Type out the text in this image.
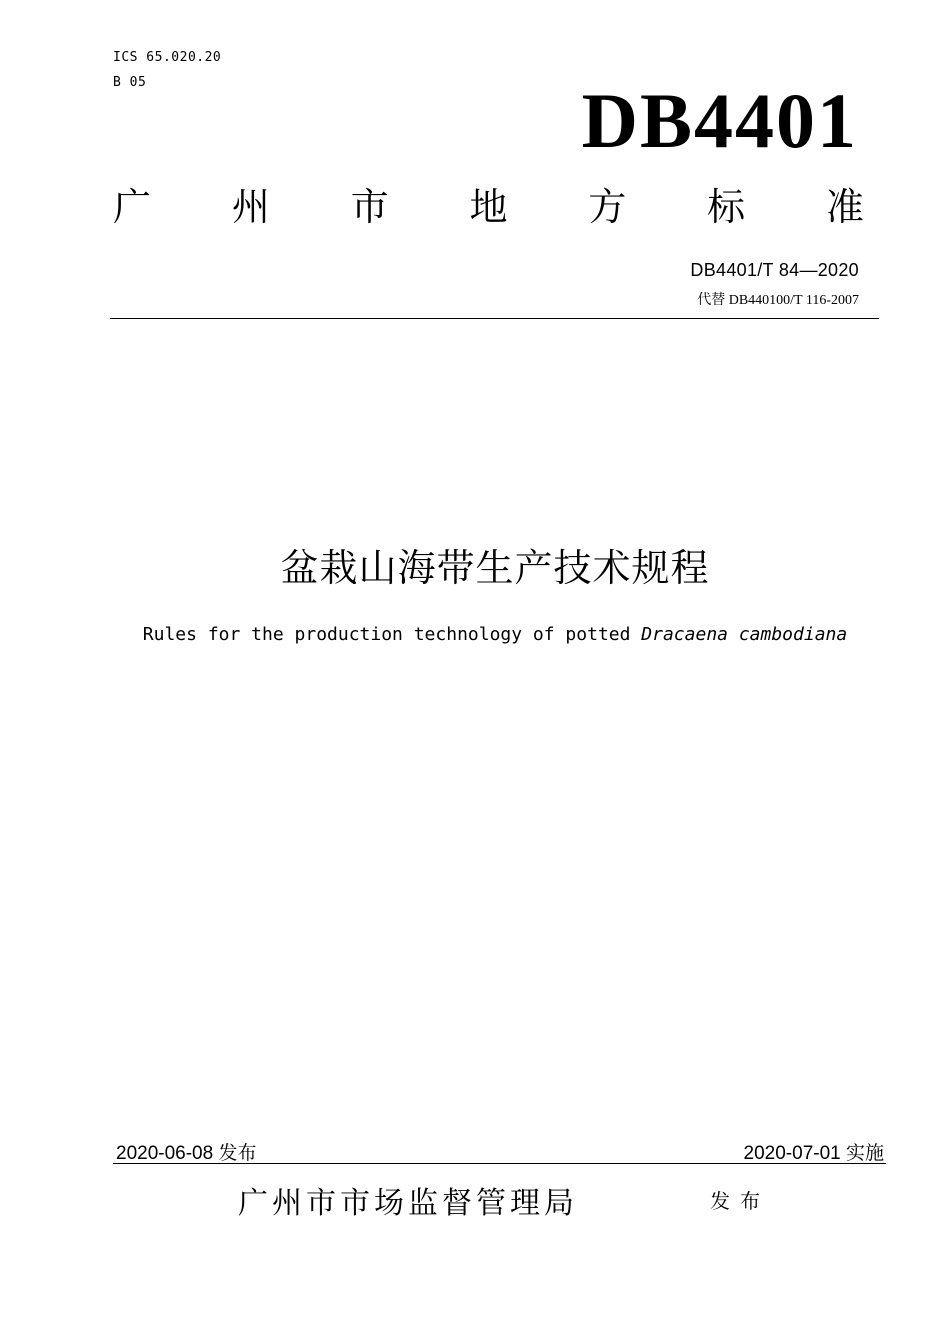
ICS 65.020.20
B 05	DB4401
广 州 市 地 方 标 准
DB4401/T 84—2020
代替 DB440100/T 116-2007
盆栽山海带生产技术规程
Rules for the production technology of potted Dracaena cambodiana
2020-06-08 发布	2020-07-01 实施
广州市市场监督管理局	发布
